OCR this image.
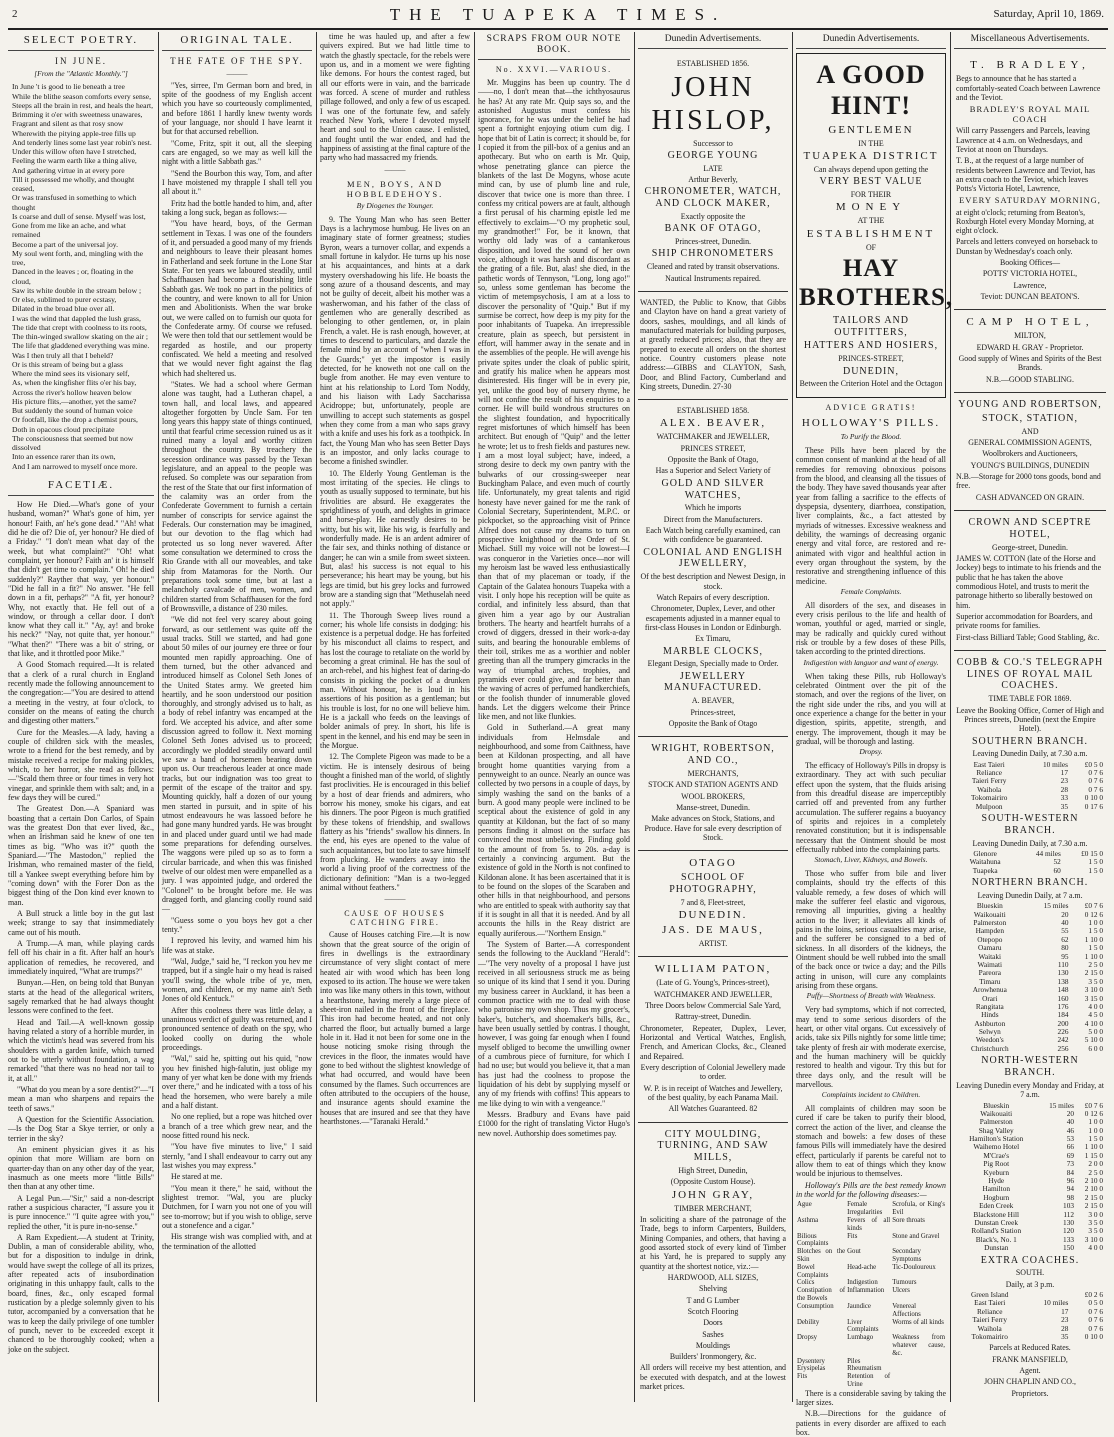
2	THE TUAPEKA TIMES.	Saturday, April 10, 1869.
SELECT POETRY.
IN JUNE.
[From the "Atlantic Monthly."]

In June 't is good to lie beneath a tree

While the blithe season comforts every sense,

Steeps all the brain in rest, and heals the heart,

Brimming it o'er with sweetness unawares,

Fragrant and silent as that rosy snow

Wherewith the pitying apple-tree fills up

And tenderly lines some last year robin's nest.

Under this willow often have I stretched,

Feeling the warm earth like a thing alive,

And gathering virtue in at every pore

Till it possessed me wholly, and thought ceased,

Or was transfused in something to which thought

Is coarse and dull of sense. Myself was lost,

Gone from me like an ache, and what remained

Become a part of the universal joy.

My soul went forth, and, mingling with the tree,

Danced in the leaves ; or, floating in the cloud,

Saw its white double in the stream below ;

Or else, sublimed to purer ecstasy,

Dilated in the broad blue over all.

I was the wind that dappled the lush grass,

The tide that crept with coolness to its roots,

The thin-winged swallow skating on the air ;

The life that gladdened everything was mine.

Was I then truly all that I beheld?

Or is this stream of being but a glass

Where the mind sees its visionary self,

As, when the kingfisher flits o'er his bay,

Across the river's hollow heaven below

His picture flits,—another, yet the same?

But suddenly the sound of human voice

Or footfall, like the drop a chemist pours,

Doth in opacous cloud precipitate

The consciousness that seemed but now dissolved

Into an essence rarer than its own,

And I am narrowed to myself once more.

FACETIÆ.

How He Died.—What's gone of your husband, woman?" What's gone of him, yer honour! Faith, an' he's gone dead." "Ah! what did he die of? Die of, yer honour? He died of a Friday." "I don't mean what day of the week, but what complaint?" "Oh! what complaint, yer honour? Faith an' it is himself that didn't get time to complain." Oh! he died suddenly?" Rayther that way, yer honour." "Did he fall in a fit?" No answer. "He fell down in a fit, perhaps?" "A fit, yer honour? Why, not exactly that. He fell out of a window, or through a cellar door. I don't know what they call it." "Ay, ay! and broke his neck?" "Nay, not quite that, yer honour." "What then?" "There was a bit o' string, or that like, and it throttled poor Mike."

A Good Stomach required.—It is related that a clerk of a rural church in England recently made the following announcement to the congregation:—"You are desired to attend a meeting in the vestry, at four o'clock, to consider on the means of eating the church and digesting other matters."

Cure for the Measles.—A lady, having a couple of children sick with the measles, wrote to a friend for the best remedy, and by mistake received a recipe for making pickles, which, to her horror, she read as follows:—"Scald them three or four times in very hot vinegar, and sprinkle them with salt; and, in a few days they will be cured."

The Greatest Don.—A Spaniard was boasting that a certain Don Carlos, of Spain was the greatest Don that ever lived, &c., when an Irishman said he knew of one ten times as big. "Who was it?" quoth the Spaniard.—"The Mastodon," replied the Irishman, who remained master of the field, till a Yankee swept everything before him by "coming down" with the Forer Don as the biggest thing of the Don kind ever known to man.

A Bull struck a little boy in the gut last week; strange to say that insimmediately came out of his mouth.

A Trump.—A man, while playing cards fell off his chair in a fit. After half an hour's application of remedies, he recovered, and immediately inquired, "What are trumps?"

Bunyan.—Hen, on being told that Bunyan starts at the head of the allegorical writers, sagely remarked that he had always thought lessons were confined to the feet.

Head and Tail.—A well-known gossip having related a story of a horrible murder, in which the victim's head was severed from his shoulders with a garden knife, which turned out to be utterly without foundation, a wag remarked "that there was no head nor tail to it, at all."

"What do you mean by a sore dentist?"—"I mean a man who sharpens and repairs the teeth of saws."

A Question for the Scientific Association.—Is the Dog Star a Skye terrier, or only a terrier in the sky?

An eminent physician gives it as his opinion that more William are born on quarter-day than on any other day of the year, inasmuch as one meets more "little Bills" then than at any other time.

A Legal Pun.—"Sir," said a non-descript rather a suspicious character, "I assure you it is pure innocence." "I quite agree with you," replied the other, "it is pure in-no-sense."

A Ram Expedient.—A student at Trinity, Dublin, a man of considerable ability, who, but for a disposition to indulge in drink, would have swept the college of all its prizes, after repeated acts of insubordination originating in this unhappy fault, calls to the board, fines, &c., only escaped formal rustication by a pledge solemnly given to his tutor, accompanied by a conversation that he was to keep the daily privilege of one tumbler of punch, never to be exceeded except it chanced to be thoroughly cooked; when a joke on the subject.

ORIGINAL TALE.
THE FATE OF THE SPY.
———

"Yes, sirree, I'm German born and bred, in spite of the goodness of my English accent which you have so courteously complimented, and before 1861 I hardly knew twenty words of your language, nor should I have learnt it but for that accursed rebellion.

"Come, Fritz, spit it out, all the sleeping cars are engaged, so we may as well kill the night with a little Sabbath gas."

"Send the Bourbon this way, Tom, and after I have moistened my thrapple I shall tell you all about it."

Fritz had the bottle handed to him, and, after taking a long suck, began as follows:—

"You have heard, boys, of the German settlement in Texas. I was one of the founders of it, and persuaded a good many of my friends and neighbours to leave their pleasant homes in Fatherland and seek fortune in the Lone Star State. For ten years we laboured steadily, until Schaffhausen had become a flourishing little Sabbath gas. We took no part in the politics of the country, and were known to all for Union men and Abolitionists. When the war broke out, we were called on to furnish our quota for the Confederate army. Of course we refused. We were then told that our settlement would be regarded as hostile, and our property confiscated. We held a meeting and resolved that we would never fight against the flag which had sheltered us.

"States. We had a school where German alone was taught, had a Lutheran chapel, a town hall, and local laws, and appeared altogether forgotten by Uncle Sam. For ten long years this happy state of things continued, until that fearful crime secession ruined us as it ruined many a loyal and worthy citizen throughout the country. By treachery the secession ordinance was passed by the Texan legislature, and an appeal to the people was refused. So complete was our separation from the rest of the State that our first information of the calamity was an order from the Confederate Government to furnish a certain number of conscripts for service against the Federals. Our consternation may be imagined, but our devotion to the flag which had protected us so long never wavered. After some consultation we determined to cross the Rio Grande with all our moveables, and take ship from Matamoras for the North. Our preparations took some time, but at last a melancholy cavalcade of men, women, and children started from Schaffhausen for the ford of Brownsville, a distance of 230 miles.

"We did not feel very scarey about going forward, as our settlement was quite off the usual tracks. Still we started, and had gone about 50 miles of our journey ere three or four mounted men rapidly approaching. One of them turned, but the other advanced and introduced himself as Colonel Seth Jones of the United States army. We greeted him heartily, and he soon understood our position thoroughly, and strongly advised us to halt, as a body of rebel infantry was encamped at the ford. We accepted his advice, and after some discussion agreed to follow it. Next morning Colonel Seth Jones advised us to proceed; accordingly we plodded steadily onward until we saw a band of horsemen bearing down upon us. Our treacherous leader at once made tracks, but our indignation was too great to permit of the escape of the traitor and spy. Mounting quickly, half a dozen of our young men started in pursuit, and in spite of his utmost endeavours he was lassoed before he had gone many hundred yards. He was brought in and placed under guard until we had made some preparations for defending ourselves. The waggons were piled up so as to form a circular barricade, and when this was finished twelve of our oldest men were empanelled as a jury. I was appointed judge, and ordered the "Colonel" to be brought before me. He was dragged forth, and glancing coolly round said—

"Guess some o you boys hev got a cher tenty."

I reproved his levity, and warned him his life was at stake.

"Wal, Judge," said he, "I reckon you hev me trapped, but if a single hair o my head is raised you'll swing, the whole tribe of ye, men, women, and children, or my name ain't Seth Jones of old Kentuck."

After this coolness there was little delay, a unanimous verdict of guilty was returned, and I pronounced sentence of death on the spy, who looked coolly on during the whole proceedings.

"Wal," said he, spitting out his quid, "now you hev finished high-falutin, just oblige my many of yer what ken be done with my friends over there," and he indicated with a toss of his head the horsemen, who were barely a mile and a half distant.

No one replied, but a rope was hitched over a branch of a tree which grew near, and the noose fitted round his neck.

"You have five minutes to live," I said sternly, "and I shall endeavour to carry out any last wishes you may express."

He stared at me.

"You mean it there," he said, without the slightest tremor. "Wal, you are plucky Dutchmen, for I warn you not one of you will see to-morrow; but if you wish to oblige, serve out a stonefence and a cigar."

His strange wish was complied with, and at the termination of the allotted

time he was hauled up, and after a few quivers expired. But we had little time to watch the ghastly spectacle, for the rebels were upon us, and in a moment we were fighting like demons. For hours the contest raged, but all our efforts were in vain, and the barricade was forced. A scene of murder and ruthless pillage followed, and only a few of us escaped. I was one of the fortunate few, and safely reached New York, where I devoted myself heart and soul to the Union cause. I enlisted, and fought until the war ended, and had the happiness of assisting at the final capture of the party who had massacred my friends.

———
MEN, BOYS, AND HOBBLEDEHOYS.
By Diogenes the Younger.

9. The Young Man who has seen Better Days is a lachrymose humbug. He lives on an imaginary state of former greatness; studies Byron, wears a turnover collar, and expends a small fortune in kalydor. He turns up his nose at his acquaintances, and hints at a dark mystery overshadowing his life. He boasts the song azure of a thousand descents, and may not be guilty of deceit, albeit his mother was a washerwoman, and his father of the class of gentlemen who are generally described as belonging to other gentlemen, or, in plain French, a valet. He is rash enough, however, at times to descend to particulars, and dazzle the female mind by an account of "when I was in the Guards;" yet the impostor is easily detected, for he knoweth not one call on the bugle from another. He may even venture to hint at his relationship to Lord Tom Noddy, and his liaison with Lady Saccharissa Acidroppe; but, unfortunately, people are unwilling to accept such statements as gospel when they come from a man who saps gravy with a knife and uses his fork as a toothpick. In fact, the Young Man who has seen Better Days is an impostor, and only lacks courage to become a finished swindler.

10. The Elderly Young Gentleman is the most irritating of the species. He clings to youth as usually supposed to terminate, but his frivolities are absurd. He exaggerates the sprightliness of youth, and delights in grimace and horse-play. He earnestly desires to be witty, but his wit, like his wig, is fearfully and wonderfully made. He is an ardent admirer of the fair sex, and thinks nothing of distance or danger; he can win a smile from sweet sixteen. But, alas! his success is not equal to his perseverance; his heart may be young, but his legs are timid, but his grey locks and furrowed brow are a standing sign that "Methuselah need not apply."

11. The Thorough Sweep lives round a corner; his whole life consists in dodging: his existence is a perpetual dodge. He has forfeited by his misconduct all claims to respect, and has lost the courage to retaliate on the world by becoming a great criminal. He has the soul of an arch-rebel, and his highest feat of daring-do consists in picking the pocket of a drunken man. Without honour, he is loud in his assertions of his position as a gentleman; but his trouble is lost, for no one will believe him. He is a jackall who feeds on the leavings of bolder animals of prey. In short, his life is spent in the kennel, and his end may be seen in the Morgue.

12. The Complete Pigeon was made to be a victim. He is intensely desirous of being thought a finished man of the world, of slightly fast proclivities. He is encouraged in this belief by a host of dear friends and admirers, who borrow his money, smoke his cigars, and eat his dinners. The poor Pigeon is much gratified by these tokens of friendship, and swallows flattery as his "friends" swallow his dinners. In the end, his eyes are opened to the value of such acquaintances, but too late to save himself from plucking. He wanders away into the world a living proof of the correctness of the dictionary definition: "Man is a two-legged animal without feathers."

———
CAUSE OF HOUSES CATCHING FIRE.

Cause of Houses catching Fire.—It is now shown that the great source of the origin of fires in dwellings is the extraordinary circumstance of very slight contact of mere heated air with wood which has been long exposed to its action. The house we were taken into was like many others in this town, without a hearthstone, having merely a large piece of sheet-iron nailed in the front of the fireplace. This iron had become heated, and not only charred the floor, but actually burned a large hole in it. Had it not been for some one in the house noticing smoke rising through the crevices in the floor, the inmates would have gone to bed without the slightest knowledge of what had occurred, and would have been consumed by the flames. Such occurrences are often attributed to the occupiers of the house, and insurance agents should examine the houses that are insured and see that they have hearthstones.—"Taranaki Herald."

SCRAPS FROM OUR NOTE BOOK.
No. XXVI.—VARIOUS.

Mr. Muggins has been up country. The d——no, I don't mean that—the ichthyosaurus he has? At any rate Mr. Quip says so, and the astonished Augustus must confess his ignorance, for he was under the belief he had spent a fortnight enjoying otium cum dig. I hope that bit of Latin is correct; it should be, for I copied it from the pill-box of a genius and an apothecary. But who on earth is Mr. Quip, whose penetrating glance can pierce the blankets of the last De Mogyns, whose acute mind can, by use of plumb line and rule, discover that twice one is more than three. I confess my critical powers are at fault, although a first perusal of his charming epistle led me effectively to exclaim—"O my prophetic soul, my grandmother!" For, be it known, that worthy old lady was of a cantankerous disposition, and loved the sound of her own voice, although it was harsh and discordant as the grating of a file. But, alas! she died, in the pathetic words of Tennyson, "Long, long ago!" so, unless some gentleman has become the victim of metempsychosis, I am at a loss to discover the personality of "Quip." But if my surmise be correct, how deep is my pity for the poor inhabitants of Tuapeka. An irrepressible creature, plain as speech, but persistent in effort, will hammer away in the senate and in the assemblies of the people. He will avenge his private spites under the cloak of public spirit, and gratify his malice when he appears most disinterested. His finger will be in every pie, yet, unlike the good boy of nursery rhyme, he will not confine the result of his enquiries to a corner. He will build wondrous structures on the slightest foundation, and hypocritically regret misfortunes of which himself has been architect. But enough of "Quip" and the letter he wrote; let us to fresh fields and pastures new. I am a most loyal subject; have, indeed, a strong desire to deck my own pantry with the bulwarks of our crossing-sweeper near Buckingham Palace, and even much of courtly life. Unfortunately, my great talents and rigid honesty have never gained for me the rank of Colonial Secretary, Superintendent, M.P.C. or pickpocket, so the approaching visit of Prince Alfred does not cause my dreams to turn on prospective knighthood or the Order of St. Michael. Still my voice will not be lowest—I was conqueror in the Varieties once—nor will my heroism last be waved less enthusiastically than that of my placeman or toady, if the Captain of the Galatea honours Tuapeka with a visit. I only hope his reception will be quite as cordial, and infinitely less absurd, than that given him a year ago by our Australian brothers. The hearty and heartfelt hurrahs of a crowd of diggers, dressed in their work-a-day suits, and bearing the honourable emblems of their toil, strikes me as a worthier and nobler greeting than all the trumpery gimcracks in the way of triumphal arches, trophies, and pyramids ever could give, and far better than the waving of acres of perfumed handkerchiefs, or the foolish thunder of innumerable gloved hands. Let the diggers welcome their Prince like men, and not like flunkies.

Gold in Sutherland.—A great many individuals from Helmsdale and neighbourhood, and some from Caithness, have been at Kildonan prospecting, and all have brought home quantities varying from a pennyweight to an ounce. Nearly an ounce was collected by two persons in a couple of days, by simply washing the sand on the banks of a burn. A good many people were inclined to be sceptical about the existence of gold in any quantity at Kildonan, but the fact of so many persons finding it almost on the surface has convinced the most unbelieving. Finding gold to the amount of from 5s. to 20s. a-day is certainly a convincing argument. But the existence of gold in the North is not confined to Kildonan alone. It has been ascertained that it is to be found on the slopes of the Scaraben and other hills in that neighbourhood, and persons who are entitled to speak with authority say that if it is sought in all that it is needed. And by all accounts the hills in the Reay district are equally auriferous.—"Northern Ensign."

The System of Barter.—A correspondent sends the following to the Auckland "Herald":—"The very novelty of a proposal I have just received in all seriousness struck me as being so unique of its kind that I send it you. During my business career in Auckland, it has been a common practice with me to deal with those who patronise my own shop. Thus my grocer's, baker's, butcher's, and shoemaker's bills, &c., have been usually settled by contras. I thought, however, I was going far enough when I found myself obliged to become the unwilling owner of a cumbrous piece of furniture, for which I had no use; but would you believe it, that a man has just had the coolness to propose the liquidation of his debt by supplying myself or any of my friends with coffins! This appears to me like dying to win with a vengeance."

Messrs. Bradbury and Evans have paid £1000 for the right of translating Victor Hugo's new novel. Authorship does sometimes pay.

Dunedin Advertisements.

ESTABLISHED 1856.

JOHN HISLOP,

Successor to

GEORGE YOUNG

LATE

Arthur Beverly,

CHRONOMETER, WATCH, AND CLOCK MAKER,

Exactly opposite the

BANK OF OTAGO,

Princes-street, Dunedin.

SHIP CHRONOMETERS

Cleaned and rated by transit observations.

Nautical Instruments repaired.

WANTED, the Public to Know, that Gibbs and Clayton have on hand a great variety of doors, sashes, mouldings, and all kinds of manufactured materials for building purposes, at greatly reduced prices; also, that they are prepared to execute all orders on the shortest notice. Country customers please note address:—GIBBS and CLAYTON, Sash, Door, and Blind Factory, Cumberland and King streets, Dunedin. 27-30

ESTABLISHED 1858.

ALEX. BEAVER,

WATCHMAKER and JEWELLER,

PRINCES STREET,

Opposite the Bank of Otago,

Has a Superior and Select Variety of

GOLD AND SILVER WATCHES,

Which he imports

Direct from the Manufacturers.

Each Watch being carefully examined, can with confidence be guaranteed.

COLONIAL AND ENGLISH JEWELLERY,

Of the best description and Newest Design, in stock.

Watch Repairs of every description.

Chronometer, Duplex, Lever, and other escapements adjusted in a manner equal to first-class Houses in London or Edinburgh.

Ex Timaru,

MARBLE CLOCKS,

Elegant Design, Specially made to Order.

JEWELLERY MANUFACTURED.

A. BEAVER,

Princes-street,

Opposite the Bank of Otago

WRIGHT, ROBERTSON, AND CO.,

MERCHANTS,

STOCK AND STATION AGENTS AND

WOOL BROKERS,

Manse-street, Dunedin.

Make advances on Stock, Stations, and Produce. Have for sale every description of Stock.

OTAGO

SCHOOL OF PHOTOGRAPHY,

7 and 8, Fleet-street,

DUNEDIN.

JAS. DE MAUS,

ARTIST.

WILLIAM PATON,

(Late of G. Young's, Princes-street),

WATCHMAKER AND JEWELLER,

Three Doors below Commercial Sale Yard,

Rattray-street, Dunedin.

Chronometer, Repeater, Duplex, Lever, Horizontal and Vertical Watches, English, French, and American Clocks, &c., Cleaned and Repaired.

Every description of Colonial Jewellery made to order.

W. P. is in receipt of Watches and Jewellery, of the best quality, by each Panama Mail.

All Watches Guaranteed. 82

CITY MOULDING, TURNING, AND SAW MILLS,

High Street, Dunedin,

(Opposite Custom House).

JOHN GRAY,

TIMBER MERCHANT,

In soliciting a share of the patronage of the Trade, begs to inform Carpenters, Builders, Mining Companies, and others, that having a good assorted stock of every kind of Timber at his Yard, he is prepared to supply any quantity at the shortest notice, viz.:—

HARDWOOD, ALL SIZES,

Shelving

T and G Lumber

Scotch Flooring

Doors

Sashes

Mouldings

Builders' Ironmongery, &c.

All orders will receive my best attention, and be executed with despatch, and at the lowest market prices.

Dunedin Advertisements.

A GOOD HINT!

GENTLEMEN

IN THE

TUAPEKA DISTRICT

Can always depend upon getting the

VERY BEST VALUE

FOR THEIR

MONEY

AT THE

ESTABLISHMENT

OF

HAY BROTHERS,

TAILORS AND OUTFITTERS,

HATTERS AND HOSIERS,

PRINCES-STREET,

DUNEDIN,

Between the Criterion Hotel and the Octagon

ADVICE GRATIS!
HOLLOWAY'S PILLS.
To Purify the Blood.

These Pills have been placed by the common consent of mankind at the head of all remedies for removing obnoxious poisons from the blood, and cleansing all the tissues of the body. They have saved thousands year after year from falling a sacrifice to the effects of dyspepsia, dysentery, diarrhoea, constipation, liver complaints, &c., a fact attested by myriads of witnesses. Excessive weakness and debility, the warnings of decreasing organic energy and vital force, are restored and re-animated with vigor and healthful action in every organ throughout the system, by the restorative and strengthening influence of this medicine.

Female Complaints.

All disorders of the sex, and diseases in every crisis perilous to the life and health of woman, youthful or aged, married or single, may be radically and quickly cured without risk or trouble by a few doses of these Pills, taken according to the printed directions.

Indigestion with languor and want of energy.

When taking these Pills, rub Holloway's celebrated Ointment over the pit of the stomach, and over the regions of the liver, on the right side under the ribs, and you will at once experience a change for the better in your digestion, spirits, appetite, strength, and energy. The improvement, though it may be gradual, will be thorough and lasting.

Dropsy.

The efficacy of Holloway's Pills in dropsy is extraordinary. They act with such peculiar effect upon the system, that the fluids arising from this dreadful disease are imperceptibly carried off and prevented from any further accumulation. The sufferer regains a buoyancy of spirits and rejoices in a completely renovated constitution; but it is indispensable necessary that the Ointment should be most effectually rubbed into the complaining parts.

Stomach, Liver, Kidneys, and Bowels.

Those who suffer from bile and liver complaints, should try the effects of this valuable remedy, a few doses of which will make the sufferer feel elastic and vigorous, removing all impurities, giving a healthy action to the liver; it alleviates all kinds of pains in the loins, serious casualties may arise, and the sufferer be consigned to a bed of sickness. In all disorders of the kidneys, the Ointment should be well rubbed into the small of the back once or twice a day; and the Pills acting in unison, will cure any complaints arising from these organs.

Puffy—Shortness of Breath with Weakness.

Very bad symptoms, which if not corrected, may tend to some serious disorders of the heart, or other vital organs. Cut excessively of acids, take six Pills nightly for some little time; take plenty of fresh air with moderate exercise, and the human machinery will be quickly restored to health and vigour. Try this but for three days only, and the result will be marvellous.

Complaints incident to Children.

All complaints of children may soon be cured if care be taken to purify their blood, correct the action of the liver, and cleanse the stomach and bowels: a few doses of these famous Pills will immediately have the desired effect, particularly if parents be careful not to allow them to eat of things which they know would be injurious to themselves.

Holloway's Pills are the best remedy known in the world for the following diseases:—

Ague	Female Irregularities	Scrofula, or King's Evil
Asthma	Fevers of all kinds	Sore throats
Bilious Complaints	Fits	Stone and Gravel
Blotches on the Skin	Gout	Secondary Symptoms
Bowel Complaints	Head-ache	Tic-Douloureux
Colics	Indigestion	Tumours
Constipation of the Bowels	Inflammation	Ulcers
Consumption	Jaundice	Venereal Affections
Debility	Liver Complaints	Worms of all kinds
Dropsy	Lumbago	Weakness from whatever cause, &c.
Dysentery	Piles	
Erysipelas	Rheumatism	
Fits	Retention of Urine	

There is a considerable saving by taking the larger sizes.

N.B.—Directions for the guidance of patients in every disorder are affixed to each box.

Miscellaneous Advertisements.

T. BRADLEY,

Begs to announce that he has started a comfortably-seated Coach between Lawrence and the Teviot.

BRADLEY'S ROYAL MAIL COACH

Will carry Passengers and Parcels, leaving Lawrence at 4 a.m. on Wednesdays, and Teviot at noon on Thursdays.

T. B., at the request of a large number of residents between Lawrence and Teviot, has an extra coach to the Teviot, which leaves Potts's Victoria Hotel, Lawrence,

EVERY SATURDAY MORNING,

at eight o'clock; returning from Beaton's, Roxburgh Hotel every Monday Morning, at eight o'clock.

Parcels and letters conveyed on horseback to Dunstan by Wednesday's coach only.

Booking Offices—

POTTS' VICTORIA HOTEL,

Lawrence,

Teviot: DUNCAN BEATON'S.

CAMP HOTEL,

MILTON,

EDWARD H. GRAY - Proprietor.

Good supply of Wines and Spirits of the Best Brands.

N.B.—GOOD STABLING.

YOUNG AND ROBERTSON,

STOCK, STATION,

AND

GENERAL COMMISSION AGENTS,

Woolbrokers and Auctioneers,

YOUNG'S BUILDINGS, DUNEDIN

N.B.—Storage for 2000 tons goods, bond and free.

CASH ADVANCED ON GRAIN.

CROWN AND SCEPTRE HOTEL,

George-street, Dunedin.

JAMES W. COTTON (late of the Horse and Jockey) begs to intimate to his friends and the public that he has taken the above commodious Hotel, and trusts to merit the patronage hitherto so liberally bestowed on him.

Superior accommodation for Boarders, and private rooms for families.

First-class Billiard Table; Good Stabling, &c.

COBB & CO.'S TELEGRAPH LINES OF ROYAL MAIL COACHES.

TIME TABLE FOR 1869.

Leave the Booking Office, Corner of High and Princes streets, Dunedin (next the Empire Hotel).

SOUTHERN BRANCH.

Leaving Dunedin Daily, at 7.30 a.m.

East Taieri	10 miles	£0 5 0
Reliance	17	0 7 6
Taieri Ferry	23	0 7 6
Waihola	28	0 7 6
Tokomairiro	33	0 10 0
Mulpoon	35	0 17 6

SOUTH-WESTERN BRANCH.

Leaving Dunedin Daily, at 7.30 a.m.

Glenore	44 miles	£0 15 0
Waitahuna	52	1 5 0
Tuapeka	60	1 5 0

NORTHERN BRANCH.

Leaving Dunedin Daily, at 7 a.m.

Blueskin	15 miles	£0 7 6
Waikouaiti	20	0 12 6
Palmerston	40	1 0 0
Hampden	55	1 5 0
Otepopo	62	1 10 0
Oamaru	80	1 5 0
Waitaki	95	1 10 0
Waimati	110	2 5 0
Pareora	130	2 15 0
Timaru	138	3 5 0
Arowhenua	148	3 10 0
Orari	160	3 15 0
Rangitata	176	4 0 0
Hinds	184	4 5 0
Ashburton	200	4 10 0
Selwyn	226	5 0 0
Weedon's	242	5 10 0
Christchurch	256	6 0 0

NORTH-WESTERN BRANCH.

Leaving Dunedin every Monday and Friday, at 7 a.m.

Blueskin	15 miles	£0 7 6
Waikouaiti	20	0 12 6
Palmerston	40	1 0 0
Shag Valley	46	1 0 0
Hamilton's Station	53	1 5 0
Waihemo Hotel	66	1 10 0
M'Crae's	69	1 15 0
Pig Root	73	2 0 0
Kyeburn	84	2 5 0
Hyde	96	2 10 0
Hamilton	94	2 10 0
Hogburn	98	2 15 0
Eden Creek	103	2 15 0
Blackstone Hill	112	3 0 0
Dunstan Creek	130	3 5 0
Rolland's Station	120	3 5 0
Black's, No. 1	133	3 10 0
Dunstan	150	4 0 0

EXTRA COACHES.

SOUTH.

Daily, at 3 p.m.

Green Island		£0 2 6
East Taieri	10 miles	0 5 0
Reliance	17	0 7 6
Taieri Ferry	23	0 7 6
Waihola	28	0 7 6
Tokomairiro	35	0 10 0

Parcels at Reduced Rates.

FRANK MANSFIELD,

Agent.

JOHN CHAPLIN AND CO.,

Proprietors.
